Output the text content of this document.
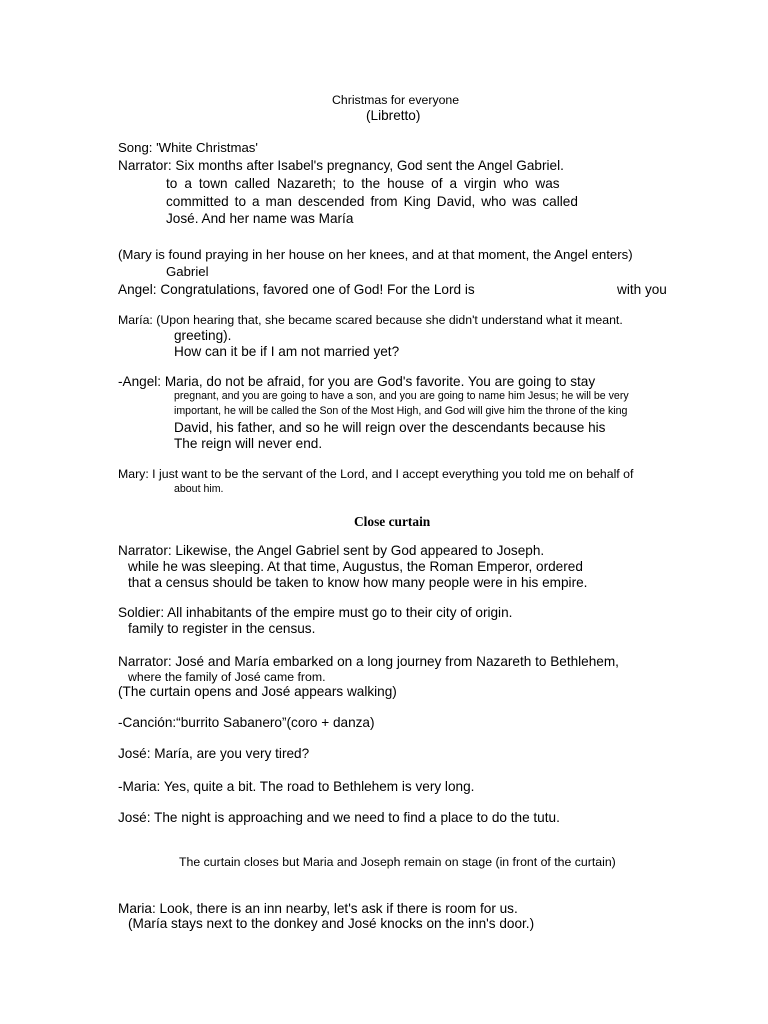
Christmas for everyone

(Libretto)

Song: 'White Christmas'

Narrator: Six months after Isabel's pregnancy, God sent the Angel Gabriel.

to a town called Nazareth; to the house of a virgin who was

committed to a man descended from King David, who was called

José. And her name was María

(Mary is found praying in her house on her knees, and at that moment, the Angel enters)

Gabriel

Angel: Congratulations, favored one of God! For the Lord is	with you

María: (Upon hearing that, she became scared because she didn't understand what it meant.

greeting).

How can it be if I am not married yet?

-Angel: Maria, do not be afraid, for you are God's favorite. You are going to stay

pregnant, and you are going to have a son, and you are going to name him Jesus; he will be very

important, he will be called the Son of the Most High, and God will give him the throne of the king

David, his father, and so he will reign over the descendants because his

The reign will never end.

Mary: I just want to be the servant of the Lord, and I accept everything you told me on behalf of

about him.

Close curtain

Narrator: Likewise, the Angel Gabriel sent by God appeared to Joseph.

while he was sleeping. At that time, Augustus, the Roman Emperor, ordered

that a census should be taken to know how many people were in his empire.

Soldier: All inhabitants of the empire must go to their city of origin.

family to register in the census.

Narrator: José and María embarked on a long journey from Nazareth to Bethlehem,

where the family of José came from.

(The curtain opens and José appears walking)

-Canción:“burrito Sabanero”(coro + danza)

José: María, are you very tired?

-Maria: Yes, quite a bit. The road to Bethlehem is very long.

José: The night is approaching and we need to find a place to do the tutu.

The curtain closes but Maria and Joseph remain on stage (in front of the curtain)

Maria: Look, there is an inn nearby, let's ask if there is room for us.

(María stays next to the donkey and José knocks on the inn's door.)
